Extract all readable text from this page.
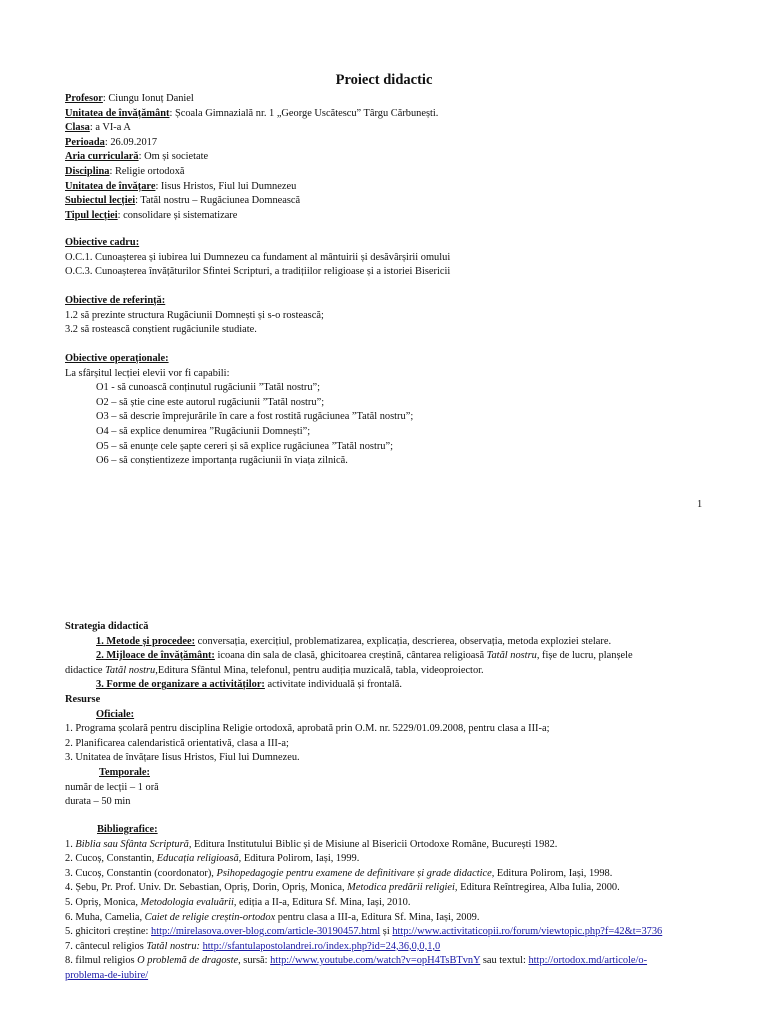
Proiect didactic
Profesor: Ciungu Ionuț Daniel
Unitatea de învățământ: Școala Gimnazială nr. 1 „George Uscătescu” Târgu Cărbunești.
Clasa: a VI-a A
Perioada: 26.09.2017
Aria curriculară: Om și societate
Disciplina: Religie ortodoxă
Unitatea de învățare: Iisus Hristos, Fiul lui Dumnezeu
Subiectul lecției: Tatăl nostru – Rugăciunea Domnească
Tipul lecției: consolidare și sistematizare
Obiective cadru:
O.C.1. Cunoașterea și iubirea lui Dumnezeu ca fundament al mântuirii și desăvârșirii omului
O.C.3. Cunoașterea învățăturilor Sfintei Scripturi, a tradițiilor religioase și a istoriei Bisericii
Obiective de referință:
1.2 să prezinte structura Rugăciunii Domnești și s-o rostească;
3.2 să rostească conștient rugăciunile studiate.
Obiective operaționale:
La sfârșitul lecției elevii vor fi capabili:
O1 - să cunoască conținutul rugăciunii ”Tatăl nostru”;
O2 – să știe cine este autorul rugăciunii ”Tatăl nostru”;
O3 – să descrie împrejurările în care a fost rostită rugăciunea ”Tatăl nostru”;
O4 – să explice denumirea ”Rugăciunii Domnești”;
O5 – să enunțe cele șapte cereri și să explice rugăciunea ”Tatăl nostru”;
O6 – să conștientizeze importanța rugăciunii în viața zilnică.
1
Strategia didactică
1. Metode și procedee: conversația, exercițiul, problematizarea, explicația, descrierea, observația, metoda exploziei stelare.
2. Mijloace de învățământ: icoana din sala de clasă, ghicitoarea creștină, cântarea religioasă Tatăl nostru, fișe de lucru, planșele
didactice Tatăl nostru,Editura Sfântul Mina, telefonul, pentru audiția muzicală, tabla, videoproiector.
3. Forme de organizare a activităților: activitate individuală și frontală.
Resurse
Oficiale:
1. Programa școlară pentru disciplina Religie ortodoxă, aprobată prin O.M. nr. 5229/01.09.2008, pentru clasa a III-a;
2. Planificarea calendaristică orientativă, clasa a III-a;
3. Unitatea de învățare Iisus Hristos, Fiul lui Dumnezeu.
Temporale:
număr de lecții – 1 oră
durata – 50 min
Bibliografice:
1. Biblia sau Sfânta Scriptură, Editura Institutului Biblic și de Misiune al Bisericii Ortodoxe Române, București 1982.
2. Cucoș, Constantin, Educația religioasă, Editura Polirom, Iași, 1999.
3. Cucoș, Constantin (coordonator), Psihopedagogie pentru examene de definitivare și grade didactice, Editura Polirom, Iași, 1998.
4. Șebu, Pr. Prof. Univ. Dr. Sebastian, Opriș, Dorin, Opriș, Monica, Metodica predării religiei, Editura Reîntregirea, Alba Iulia, 2000.
5. Opriș, Monica, Metodologia evaluării, ediția a II-a, Editura Sf. Mina, Iași, 2010.
6. Muha, Camelia, Caiet de religie creștin-ortodox pentru clasa a III-a, Editura Sf. Mina, Iași, 2009.
5. ghicitori creștine: http://mirelasova.over-blog.com/article-30190457.html și http://www.activitaticopii.ro/forum/viewtopic.php?f=42&t=3736
7. cântecul religios Tatăl nostru: http://sfantulapostolandrei.ro/index.php?id=24,36,0,0,1,0
8. filmul religios O problemă de dragoste, sursă: http://www.youtube.com/watch?v=opH4TsBTvnY sau textul: http://ortodox.md/articole/o-
problema-de-iubire/
